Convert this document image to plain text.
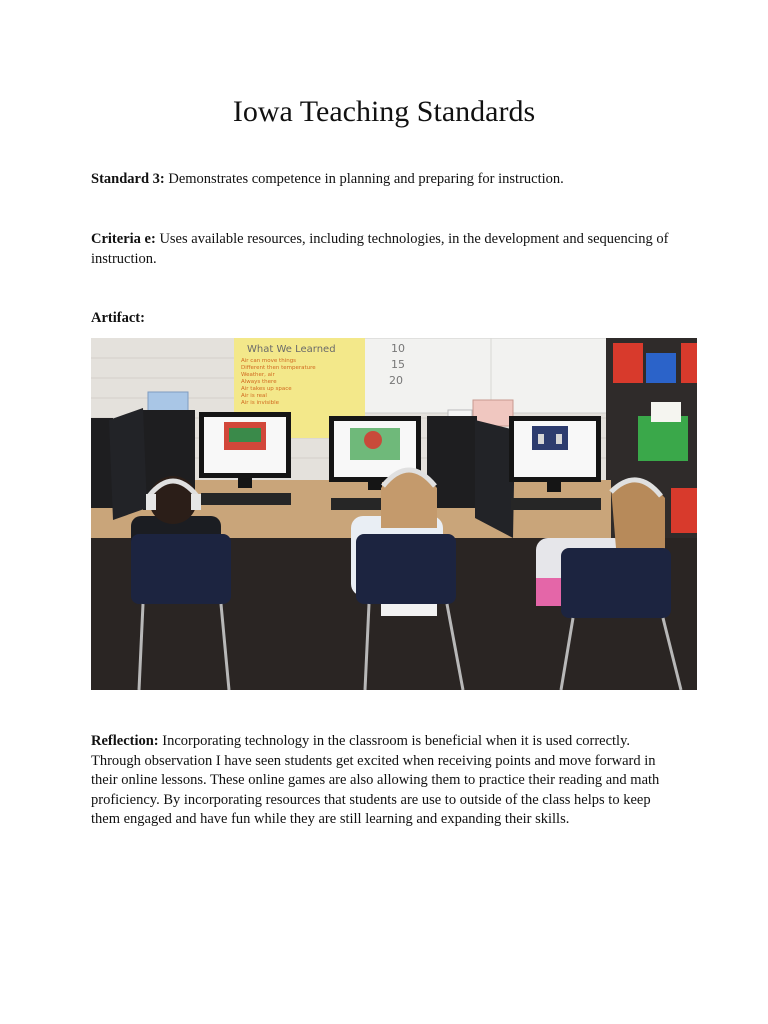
Iowa Teaching Standards
Standard 3: Demonstrates competence in planning and preparing for instruction.
Criteria e: Uses available resources, including technologies, in the development and sequencing of instruction.
Artifact:
10
15
20
What We Learned
Air can move things
Different then temperature
Weather, air
Always there
Air takes up space
Air is real
Air is invisible
Reflection: Incorporating technology in the classroom is beneficial when it is used correctly. Through observation I have seen students get excited when receiving points and move forward in their online lessons. These online games are also allowing them to practice their reading and math proficiency. By incorporating resources that students are use to outside of the class helps to keep them engaged and have fun while they are still learning and expanding their skills.
